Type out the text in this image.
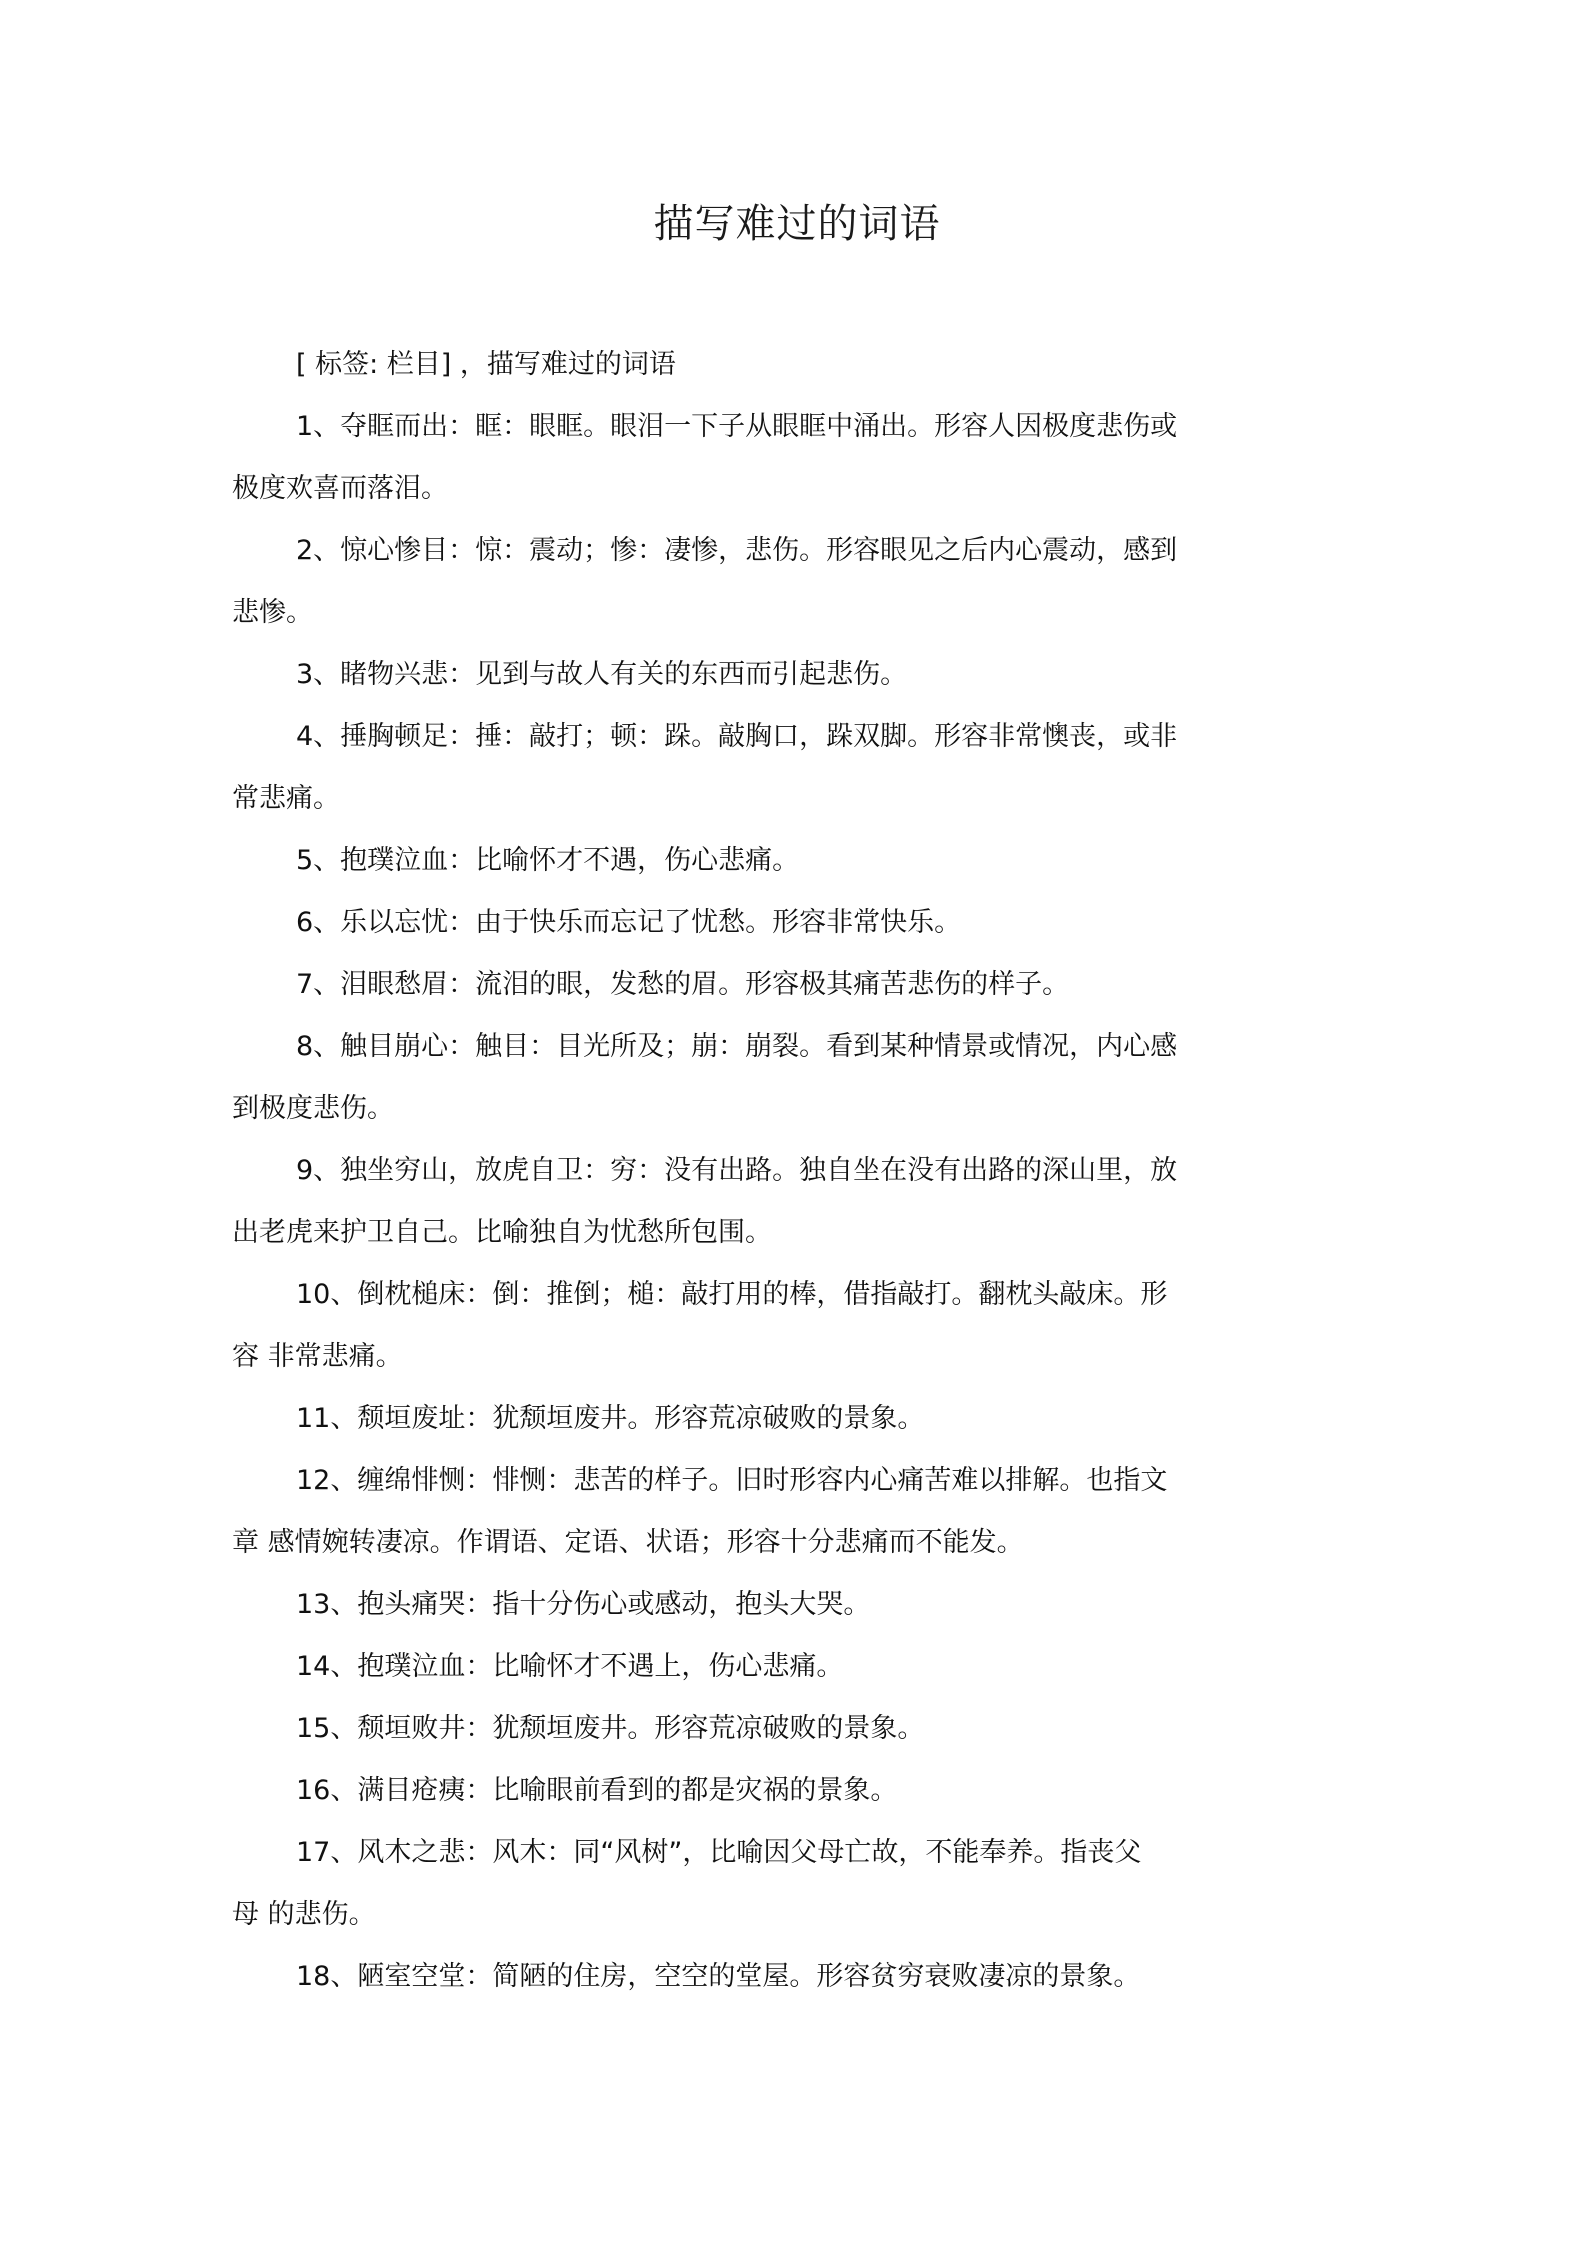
描写难过的词语
[ 标签: 栏目] ，描写难过的词语
1、夺眶而出：眶：眼眶。眼泪一下子从眼眶中涌出。形容人因极度悲伤或
极度欢喜而落泪。
2、惊心惨目：惊：震动；惨：凄惨，悲伤。形容眼见之后内心震动，感到
悲惨。
3、睹物兴悲：见到与故人有关的东西而引起悲伤。
4、捶胸顿足：捶：敲打；顿：跺。敲胸口，跺双脚。形容非常懊丧，或非
常悲痛。
5、抱璞泣血：比喻怀才不遇，伤心悲痛。
6、乐以忘忧：由于快乐而忘记了忧愁。形容非常快乐。
7、泪眼愁眉：流泪的眼，发愁的眉。形容极其痛苦悲伤的样子。
8、触目崩心：触目：目光所及；崩：崩裂。看到某种情景或情况，内心感
到极度悲伤。
9、独坐穷山，放虎自卫：穷：没有出路。独自坐在没有出路的深山里，放
出老虎来护卫自己。比喻独自为忧愁所包围。
10、倒枕槌床：倒：推倒；槌：敲打用的棒，借指敲打。翻枕头敲床。形
容 非常悲痛。
11、颓垣废址：犹颓垣废井。形容荒凉破败的景象。
12、缠绵悱恻：悱恻：悲苦的样子。旧时形容内心痛苦难以排解。也指文
章 感情婉转凄凉。作谓语、定语、状语；形容十分悲痛而不能发。
13、抱头痛哭：指十分伤心或感动，抱头大哭。
14、抱璞泣血：比喻怀才不遇上，伤心悲痛。
15、颓垣败井：犹颓垣废井。形容荒凉破败的景象。
16、满目疮痍：比喻眼前看到的都是灾祸的景象。
17、风木之悲：风木：同“风树”，比喻因父母亡故，不能奉养。指丧父
母 的悲伤。
18、陋室空堂：简陋的住房，空空的堂屋。形容贫穷衰败凄凉的景象。
